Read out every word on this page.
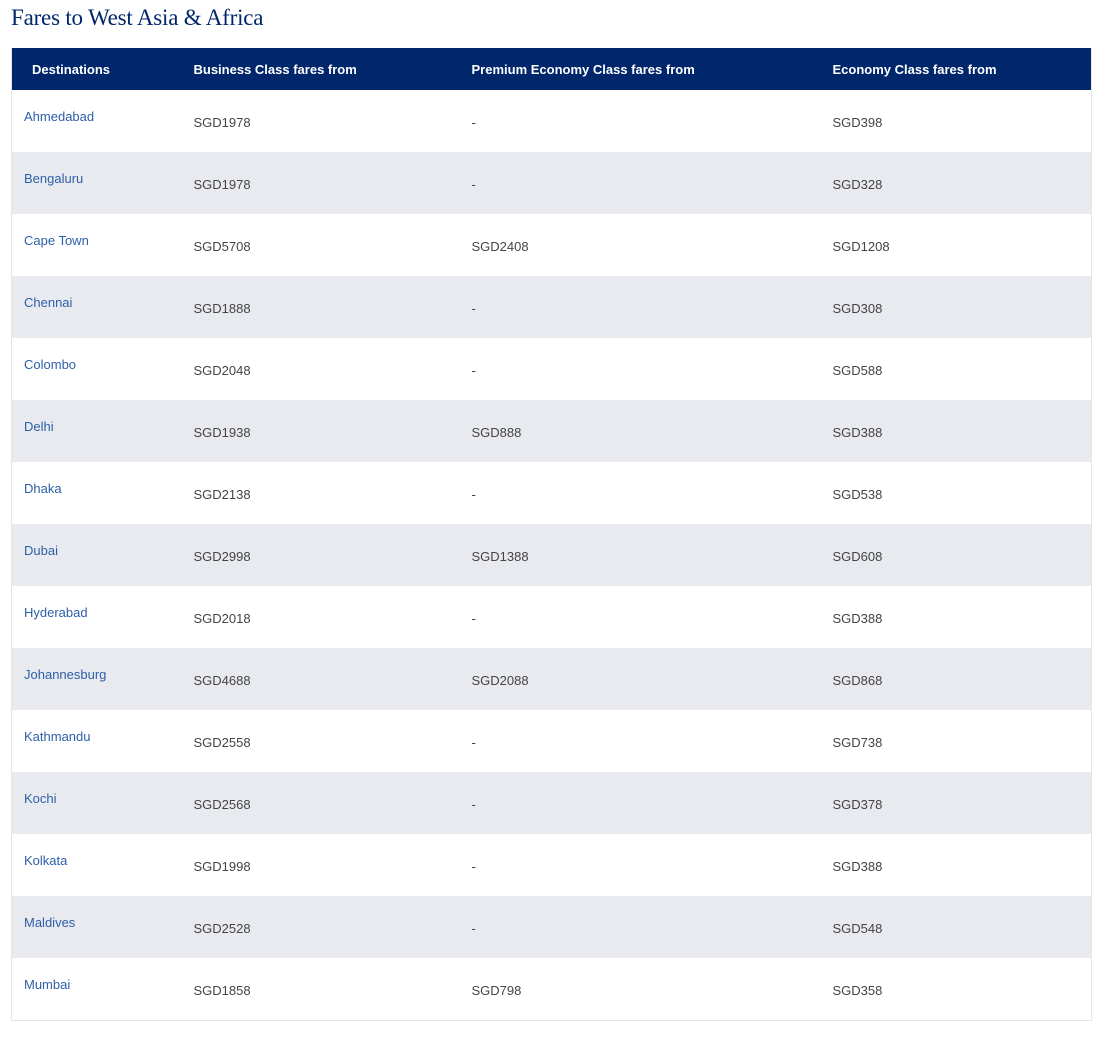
Fares to West Asia & Africa
Destinations	Business Class fares from	Premium Economy Class fares from	Economy Class fares from
Ahmedabad	SGD1978	-	SGD398
Bengaluru	SGD1978	-	SGD328
Cape Town	SGD5708	SGD2408	SGD1208
Chennai	SGD1888	-	SGD308
Colombo	SGD2048	-	SGD588
Delhi	SGD1938	SGD888	SGD388
Dhaka	SGD2138	-	SGD538
Dubai	SGD2998	SGD1388	SGD608
Hyderabad	SGD2018	-	SGD388
Johannesburg	SGD4688	SGD2088	SGD868
Kathmandu	SGD2558	-	SGD738
Kochi	SGD2568	-	SGD378
Kolkata	SGD1998	-	SGD388
Maldives	SGD2528	-	SGD548
Mumbai	SGD1858	SGD798	SGD358
